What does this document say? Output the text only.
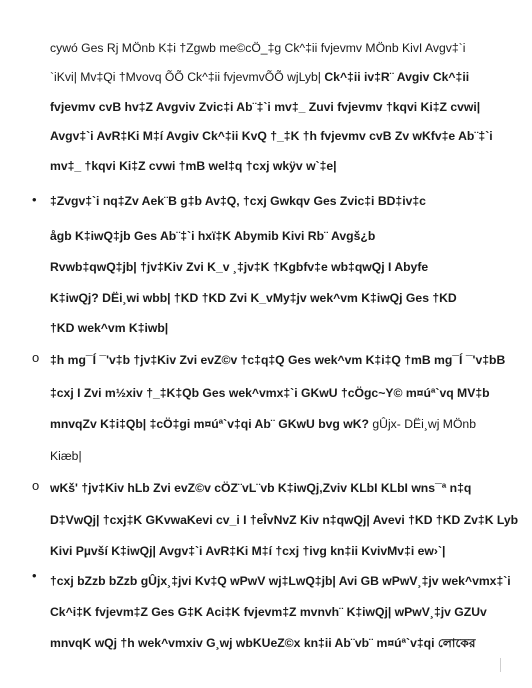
•
o
o
•
cywó Ges Rj MÖnb K‡i †Zgwb me©cÖ_‡g Ck^‡ii fvjevmv MÖnb KivI Avgv‡`i
`iKvi| Mv‡Qi †Mvovq ÕÕ Ck^‡ii fvjevmvÕÕ wjLyb| Ck^‡ii iv‡R¨ Avgiv Ck^‡ii
fvjevmv cvB hv‡Z Avgviv Zvic‡i Ab¨‡`i mv‡_ Zuvi fvjevmv †kqvi Ki‡Z cvwi|
Avgv‡`i AvR‡Ki M‡í Avgiv Ck^‡ii KvQ †_‡K †h fvjevmv cvB Zv wKfv‡e Ab¨‡`i
mv‡_ †kqvi Ki‡Z cvwi †mB wel‡q †cxj wkÿv w`‡e|
‡Zvgv‡`i nq‡Zv Aek¨B g‡b Av‡Q, †cxj Gwkqv Ges Zvic‡i BD‡iv‡c
ågb K‡iwQ‡jb Ges Ab¨‡`i hxï‡K Abymib Kivi Rb¨ Avgš¿b
Rvwb‡qwQ‡jb| †jv‡Kiv Zvi K_v ¸‡jv‡K †Kgbfv‡e wb‡qwQj I Abyfe
K‡iwQj? DËi¸wi wbb| †KD †KD Zvi K_vMy‡jv wek^vm K‡iwQj Ges †KD
†KD wek^vm K‡iwb|
‡h mg¯Í ¯'v‡b †jv‡Kiv Zvi evZ©v †c‡q‡Q Ges wek^vm K‡i‡Q †mB mg¯Í ¯'v‡bB
‡cxj I Zvi m½xiv †_‡K‡Qb Ges wek^vmx‡`i GKwU †cÖgc~Y© m¤úª`vq MV‡b
mnvqZv K‡i‡Qb| ‡cÖ‡gi m¤úª`v‡qi Ab¨ GKwU bvg wK? gÛjx- DËi¸wj MÖnb
Kiæb|
wKš' †jv‡Kiv hLb Zvi evZ©v cÖZ¨vL¨vb K‡iwQj,Zviv KLbI KLbI wns¯ª n‡q
D‡VwQj| †cxj‡K GKvwaKevi cv_i I †eÎvNvZ Kiv n‡qwQj| Avevi †KD †KD Zv‡K Lyb
Kivi Pµvší K‡iwQj| Avgv‡`i AvR‡Ki M‡í †cxj †ivg kn‡ii KvivMv‡i ew›`|
†cxj bZzb bZzb gÛjx¸‡jvi Kv‡Q wPwV wj‡LwQ‡jb| Avi GB wPwV¸‡jv wek^vmx‡`i
Ck^i‡K fvjevm‡Z Ges G‡K Aci‡K fvjevm‡Z mvnvh¨ K‡iwQj| wPwV¸‡jv GZUv
mnvqK wQj †h wek^vmxiv G¸wj wbKUeZ©x kn‡ii Ab¨vb¨ m¤úª`v‡qi লোকের
